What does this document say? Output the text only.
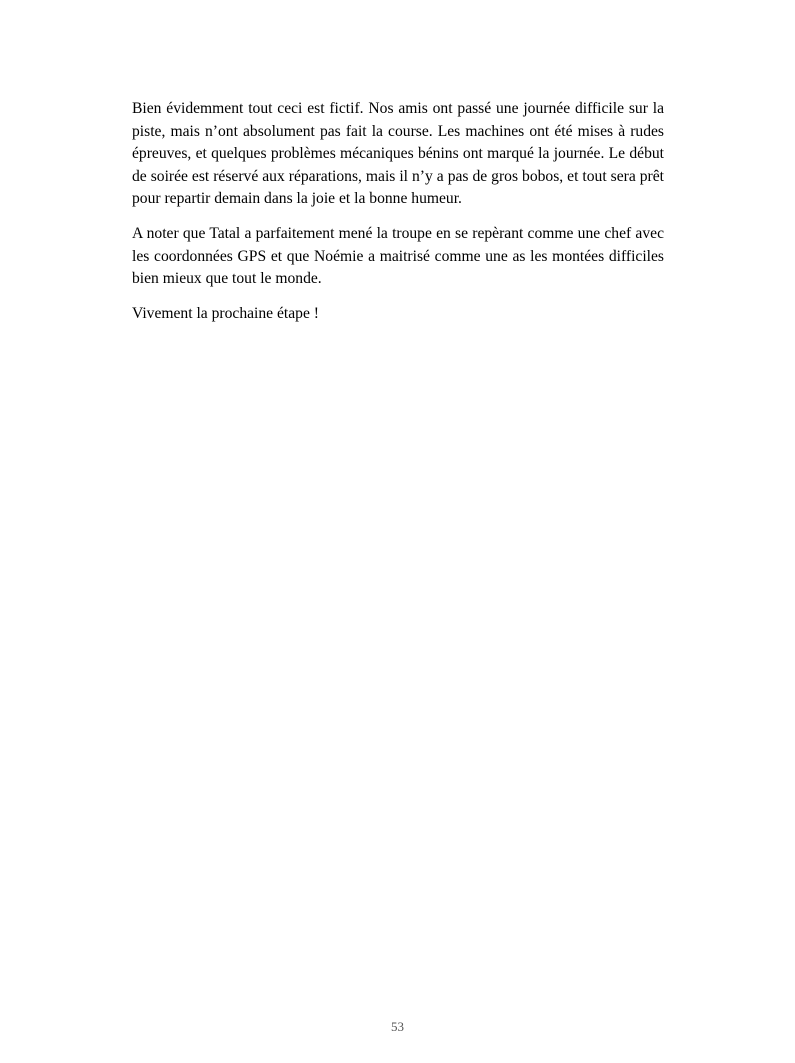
Bien évidemment tout ceci est fictif. Nos amis ont passé une journée difficile sur la piste, mais n’ont absolument pas fait la course. Les machines ont été mises à rudes épreuves, et quelques problèmes mécaniques bénins ont marqué la journée. Le début de soirée est réservé aux réparations, mais il n’y a pas de gros bobos, et tout sera prêt pour repartir demain dans la joie et la bonne humeur.

A noter que Tatal a parfaitement mené la troupe en se repèrant comme une chef avec les coordonnées GPS et que Noémie a maitrisé comme une as les montées difficiles bien mieux que tout le monde.

Vivement la prochaine étape !

53
